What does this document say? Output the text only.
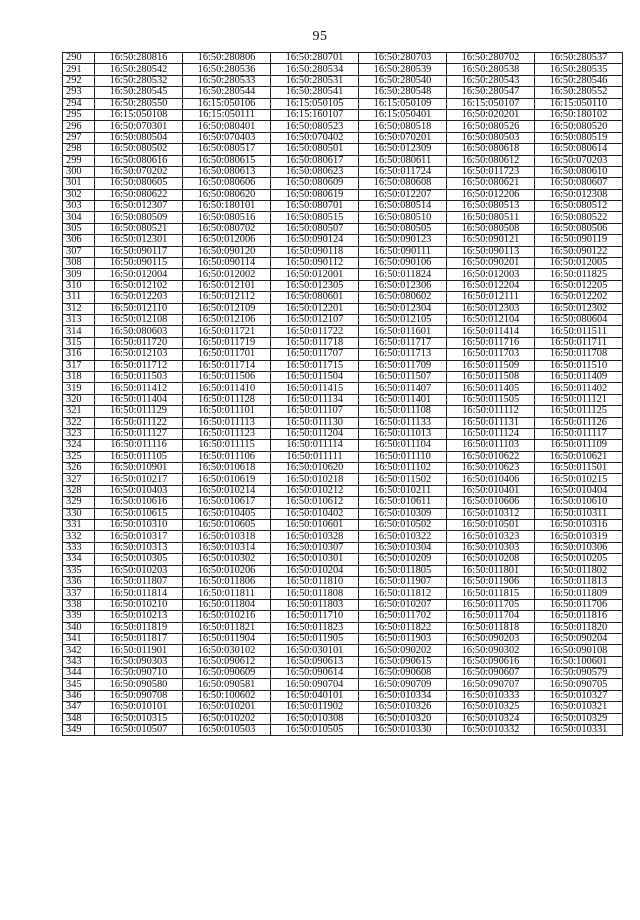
95
290	16:50:280816	16:50:280806	16:50:280701	16:50:280703	16:50:280702	16:50:280537
291	16:50:280542	16:50:280536	16:50:280534	16:50:280539	16:50:280538	16:50:280535
292	16:50:280532	16:50:280533	16:50:280531	16:50:280540	16:50:280543	16:50:280546
293	16:50:280545	16:50:280544	16:50:280541	16:50:280548	16:50:280547	16:50:280552
294	16:50:280550	16:15:050106	16:15:050105	16:15:050109	16:15:050107	16:15:050110
295	16:15:050108	16:15:050111	16:15:160107	16:15:050401	16:50:020201	16:50:180102
296	16:50:070301	16:50:080401	16:50:080523	16:50:080518	16:50:080526	16:50:080520
297	16:50:080504	16:50:070403	16:50:070402	16:50:070201	16:50:080503	16:50:080519
298	16:50:080502	16:50:080517	16:50:080501	16:50:012309	16:50:080618	16:50:080614
299	16:50:080616	16:50:080615	16:50:080617	16:50:080611	16:50:080612	16:50:070203
300	16:50:070202	16:50:080613	16:50:080623	16:50:011724	16:50:011723	16:50:080610
301	16:50:080605	16:50:080606	16:50:080609	16:50:080608	16:50:080621	16:50:080607
302	16:50:080622	16:50:080620	16:50:080619	16:50:012207	16:50:012206	16:50:012308
303	16:50:012307	16:50:180101	16:50:080701	16:50:080514	16:50:080513	16:50:080512
304	16:50:080509	16:50:080516	16:50:080515	16:50:080510	16:50:080511	16:50:080522
305	16:50:080521	16:50:080702	16:50:080507	16:50:080505	16:50:080508	16:50:080506
306	16:50:012301	16:50:012006	16:50:090124	16:50:090123	16:50:090121	16:50:090119
307	16:50:090117	16:50:090120	16:50:090118	16:50:090111	16:50:090113	16:50:090122
308	16:50:090115	16:50:090114	16:50:090112	16:50:090106	16:50:090201	16:50:012005
309	16:50:012004	16:50:012002	16:50:012001	16:50:011824	16:50:012003	16:50:011825
310	16:50:012102	16:50:012101	16:50:012305	16:50:012306	16:50:012204	16:50:012205
311	16:50:012203	16:50:012112	16:50:080601	16:50:080602	16:50:012111	16:50:012202
312	16:50:012110	16:50:012109	16:50:012201	16:50:012304	16:50:012303	16:50:012302
313	16:50:012108	16:50:012106	16:50:012107	16:50:012105	16:50:012104	16:50:080604
314	16:50:080603	16:50:011721	16:50:011722	16:50:011601	16:50:011414	16:50:011511
315	16:50:011720	16:50:011719	16:50:011718	16:50:011717	16:50:011716	16:50:011711
316	16:50:012103	16:50:011701	16:50:011707	16:50:011713	16:50:011703	16:50:011708
317	16:50:011712	16:50:011714	16:50:011715	16:50:011709	16:50:011509	16:50:011510
318	16:50:011503	16:50:011506	16:50:011504	16:50:011507	16:50:011508	16:50:011409
319	16:50:011412	16:50:011410	16:50:011415	16:50:011407	16:50:011405	16:50:011402
320	16:50:011404	16:50:011128	16:50:011134	16:50:011401	16:50:011505	16:50:011121
321	16:50:011129	16:50:011101	16:50:011107	16:50:011108	16:50:011112	16:50:011125
322	16:50:011122	16:50:011113	16:50:011130	16:50:011133	16:50:011131	16:50:011126
323	16:50:011127	16:50:011123	16:50:011204	16:50:011013	16:50:011124	16:50:011117
324	16:50:011116	16:50:011115	16:50:011114	16:50:011104	16:50:011103	16:50:011109
325	16:50:011105	16:50:011106	16:50:011111	16:50:011110	16:50:010622	16:50:010621
326	16:50:010901	16:50:010618	16:50:010620	16:50:011102	16:50:010623	16:50:011501
327	16:50:010217	16:50:010619	16:50:010218	16:50:011502	16:50:010406	16:50:010215
328	16:50:010403	16:50:010214	16:50:010212	16:50:010211	16:50:010401	16:50:010404
329	16:50:010616	16:50:010617	16:50:010612	16:50:010611	16:50:010606	16:50:010610
330	16:50:010615	16:50:010405	16:50:010402	16:50:010309	16:50:010312	16:50:010311
331	16:50:010310	16:50:010605	16:50:010601	16:50:010502	16:50:010501	16:50:010316
332	16:50:010317	16:50:010318	16:50:010328	16:50:010322	16:50:010323	16:50:010319
333	16:50:010313	16:50:010314	16:50:010307	16:50:010304	16:50:010303	16:50:010306
334	16:50:010305	16:50:010302	16:50:010301	16:50:010209	16:50:010208	16:50:010205
335	16:50:010203	16:50:010206	16:50:010204	16:50:011805	16:50:011801	16:50:011802
336	16:50:011807	16:50:011806	16:50:011810	16:50:011907	16:50:011906	16:50:011813
337	16:50:011814	16:50:011811	16:50:011808	16:50:011812	16:50:011815	16:50:011809
338	16:50:010210	16:50:011804	16:50:011803	16:50:010207	16:50:011705	16:50:011706
339	16:50:010213	16:50:010216	16:50:011710	16:50:011702	16:50:011704	16:50:011816
340	16:50:011819	16:50:011821	16:50:011823	16:50:011822	16:50:011818	16:50:011820
341	16:50:011817	16:50:011904	16:50:011905	16:50:011903	16:50:090203	16:50:090204
342	16:50:011901	16:50:030102	16:50:030101	16:50:090202	16:50:090302	16:50:090108
343	16:50:090303	16:50:090612	16:50:090613	16:50:090615	16:50:090616	16:50:100601
344	16:50:090710	16:50:090609	16:50:090614	16:50:090608	16:50:090607	16:50:090579
345	16:50:090580	16:50:090581	16:50:090704	16:50:090709	16:50:090707	16:50:090705
346	16:50:090708	16:50:100602	16:50:040101	16:50:010334	16:50:010333	16:50:010327
347	16:50:010101	16:50:010201	16:50:011902	16:50:010326	16:50:010325	16:50:010321
348	16:50:010315	16:50:010202	16:50:010308	16:50:010320	16:50:010324	16:50:010329
349	16:50:010507	16:50:010503	16:50:010505	16:50:010330	16:50:010332	16:50:010331
